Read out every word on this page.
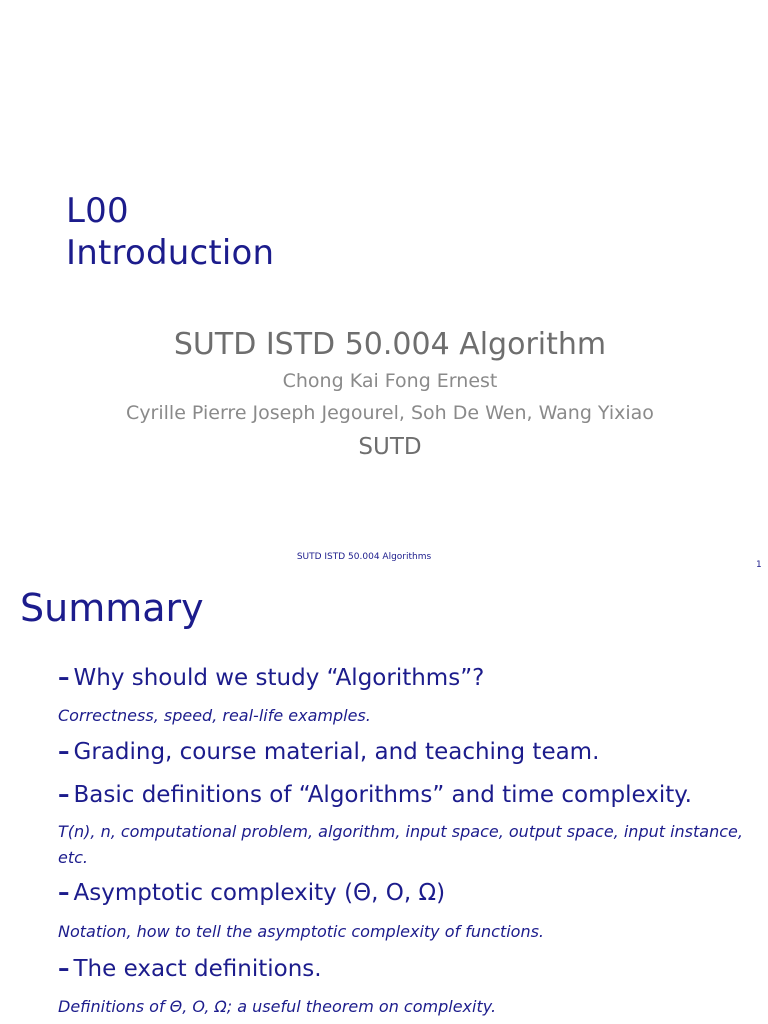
L00
Introduction
SUTD ISTD 50.004 Algorithm
Chong Kai Fong Ernest
Cyrille Pierre Joseph Jegourel, Soh De Wen, Wang Yixiao
SUTD
SUTD ISTD 50.004 Algorithms
1
Summary
– Why should we study “Algorithms”?
Correctness, speed, real-life examples.
– Grading, course material, and teaching team.
– Basic definitions of “Algorithms” and time complexity.
T(n), n, computational problem, algorithm, input space, output space, input instance, etc.
– Asymptotic complexity (Θ, O, Ω)
Notation, how to tell the asymptotic complexity of functions.
– The exact definitions.
Definitions of Θ, O, Ω; a useful theorem on complexity.
